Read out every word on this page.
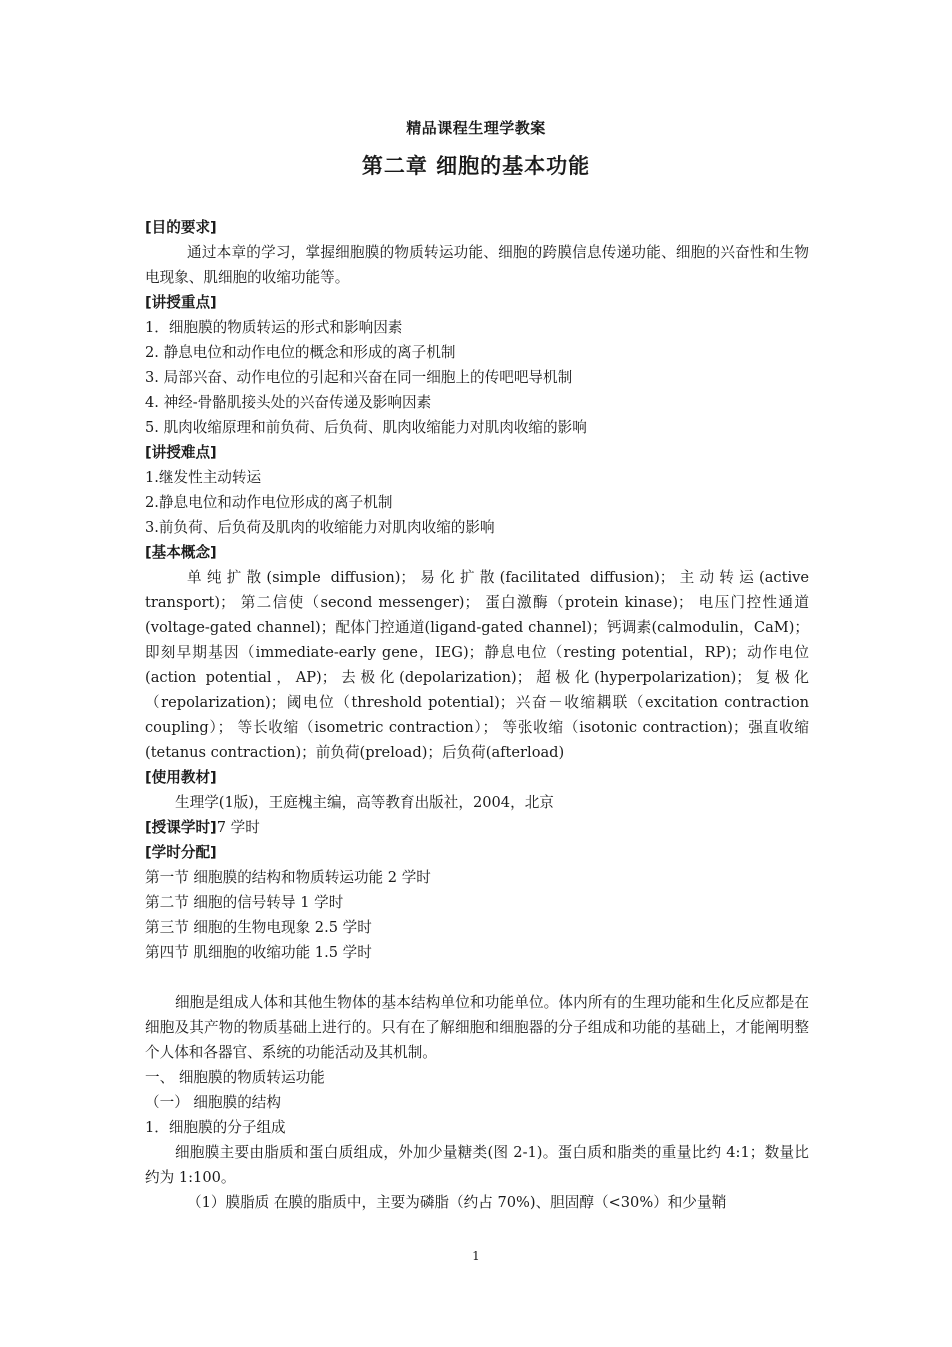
精品课程生理学教案
第二章 细胞的基本功能
[目的要求]
通过本章的学习，掌握细胞膜的物质转运功能、细胞的跨膜信息传递功能、细胞的兴奋性和生物电现象、肌细胞的收缩功能等。
[讲授重点]
1．细胞膜的物质转运的形式和影响因素
2. 静息电位和动作电位的概念和形成的离子机制
3. 局部兴奋、动作电位的引起和兴奋在同一细胞上的传吧吧导机制
4. 神经-骨骼肌接头处的兴奋传递及影响因素
5. 肌肉收缩原理和前负荷、后负荷、肌肉收缩能力对肌肉收缩的影响
[讲授难点]
1.继发性主动转运
2.静息电位和动作电位形成的离子机制
3.前负荷、后负荷及肌肉的收缩能力对肌肉收缩的影响
[基本概念]
单纯扩散(simple diffusion)；易化扩散(facilitated diffusion)；主动转运(active transport)； 第二信使（second messenger)； 蛋白激酶（protein kinase)； 电压门控性通道(voltage-gated channel)；配体门控通道(ligand-gated channel)；钙调素(calmodulin，CaM)；即刻早期基因（immediate-early gene，IEG)；静息电位（resting potential，RP)；动作电位(action potential，AP)；去极化(depolarization)；超极化(hyperpolarization)；复极化（repolarization)；阈电位（threshold potential)；兴奋－收缩耦联（excitation contraction coupling）； 等长收缩（isometric contraction）； 等张收缩（isotonic contraction)；强直收缩(tetanus contraction)；前负荷(preload)；后负荷(afterload)
[使用教材]
生理学(1版)，王庭槐主编，高等教育出版社，2004，北京
[授课学时]7 学时
[学时分配]
第一节 细胞膜的结构和物质转运功能 2 学时
第二节 细胞的信号转导 1 学时
第三节 细胞的生物电现象 2.5 学时
第四节 肌细胞的收缩功能 1.5 学时
细胞是组成人体和其他生物体的基本结构单位和功能单位。体内所有的生理功能和生化反应都是在细胞及其产物的物质基础上进行的。只有在了解细胞和细胞器的分子组成和功能的基础上，才能阐明整个人体和各器官、系统的功能活动及其机制。
一、 细胞膜的物质转运功能
（一） 细胞膜的结构
1．细胞膜的分子组成
细胞膜主要由脂质和蛋白质组成，外加少量糖类(图 2-1)。蛋白质和脂类的重量比约 4:1；数量比约为 1:100。
（1）膜脂质 在膜的脂质中，主要为磷脂（约占 70%)、胆固醇（<30%）和少量鞘
1
